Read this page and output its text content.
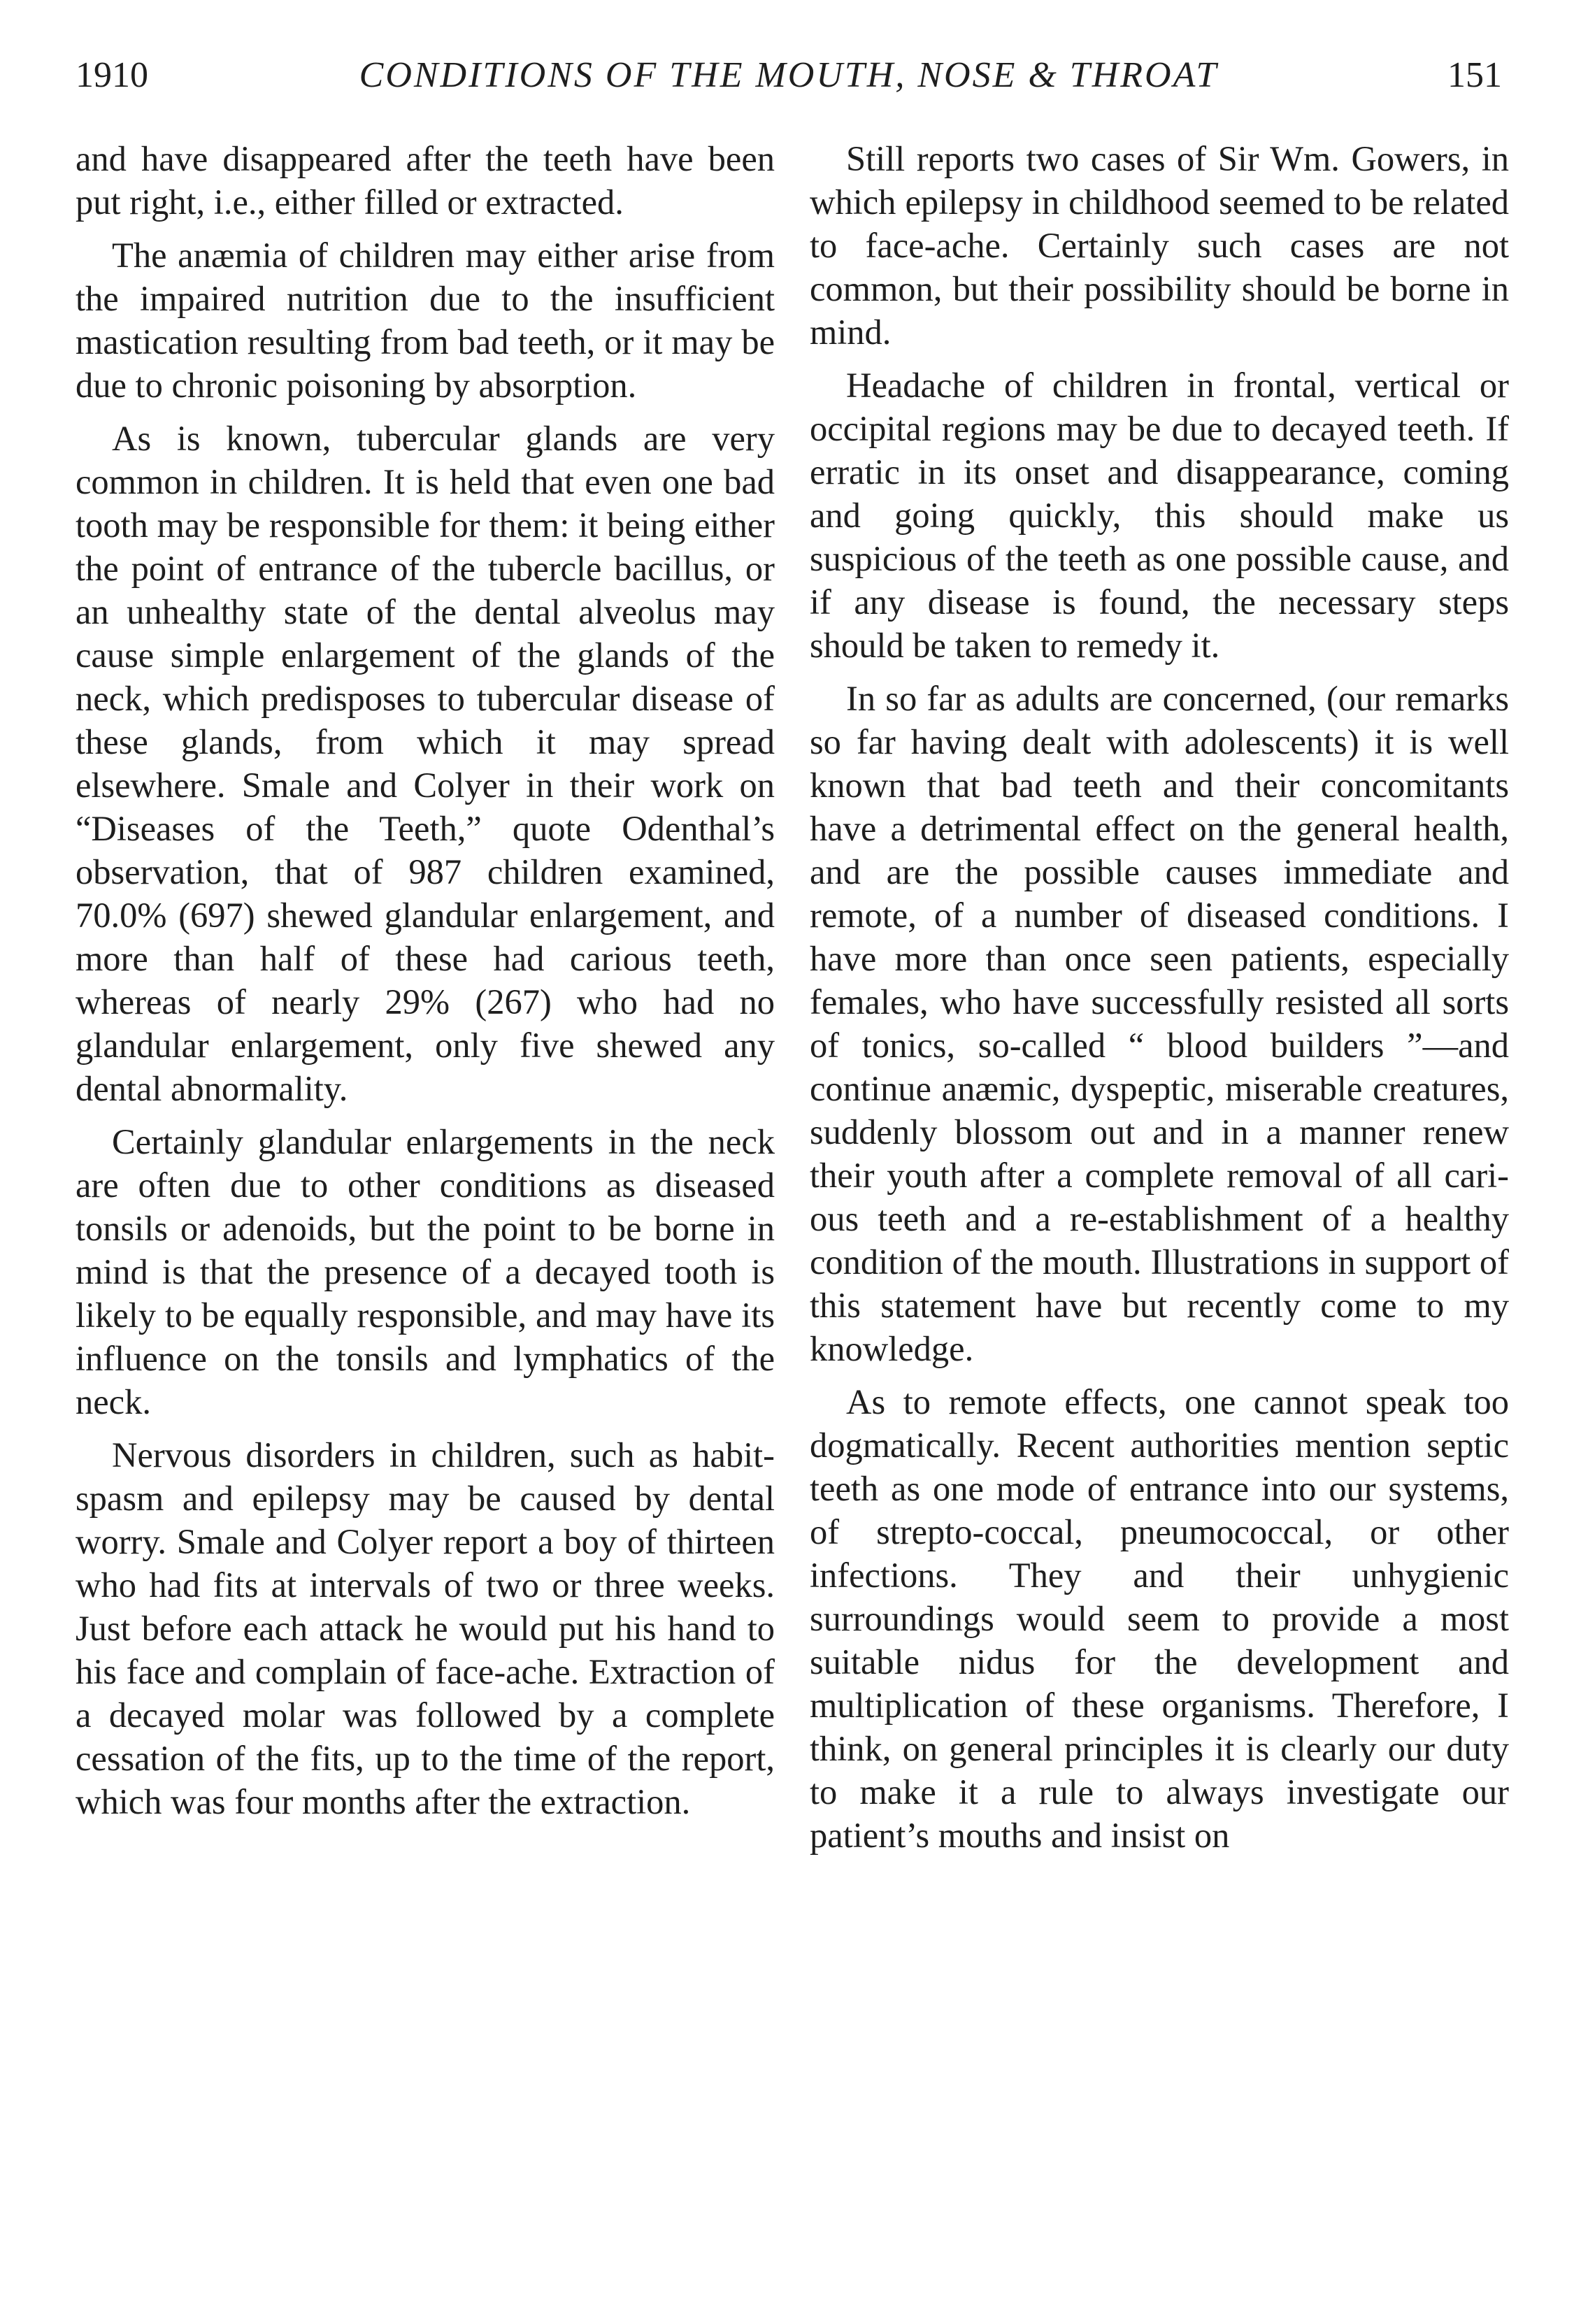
1910	CONDITIONS OF THE MOUTH, NOSE & THROAT	151

and have disappeared after the teeth have been put right, i.e., either filled or extracted.

The anæmia of children may either arise from the impaired nutrition due to the insufficient mastication resulting from bad teeth, or it may be due to chronic poisoning by absorption.

As is known, tubercular glands are very common in children. It is held that even one bad tooth may be responsible for them: it being either the point of entrance of the tubercle bacillus, or an unhealthy state of the dental alveolus may cause simple enlargement of the glands of the neck, which predisposes to tubercular disease of these glands, from which it may spread elsewhere. Smale and Colyer in their work on “Diseases of the Teeth,” quote Odenthal’s observation, that of 987 children examined, 70.0% (697) shewed glandular enlargement, and more than half of these had carious teeth, whereas of nearly 29% (267) who had no glandular enlargement, only five shewed any dental abnormality.

Certainly glandular enlargements in the neck are often due to other conditions as diseased tonsils or adenoids, but the point to be borne in mind is that the presence of a decayed tooth is likely to be equally responsible, and may have its influence on the tonsils and lymphatics of the neck.

Nervous disorders in children, such as habit-spasm and epilepsy may be caused by dental worry. Smale and Colyer report a boy of thirteen who had fits at intervals of two or three weeks. Just before each attack he would put his hand to his face and complain of face-ache. Extraction of a decayed molar was followed by a complete cessation of the fits, up to the time of the report, which was four months after the extraction.

Still reports two cases of Sir Wm. Gowers, in which epilepsy in childhood seemed to be related to face-ache. Certainly such cases are not common, but their possibility should be borne in mind.

Headache of children in frontal, vertical or occipital regions may be due to decayed teeth. If erratic in its onset and disappearance, coming and going quickly, this should make us suspicious of the teeth as one possible cause, and if any disease is found, the necessary steps should be taken to remedy it.

In so far as adults are concerned, (our remarks so far having dealt with adolescents) it is well known that bad teeth and their concomitants have a detrimental effect on the general health, and are the possible causes immediate and remote, of a number of diseased conditions. I have more than once seen patients, especially females, who have successfully resisted all sorts of tonics, so-called “ blood builders ”—and continue anæmic, dyspeptic, miserable creatures, suddenly blossom out and in a manner renew their youth after a complete removal of all carious teeth and a re-establishment of a healthy condition of the mouth. Illustrations in support of this statement have but recently come to my knowledge.

As to remote effects, one cannot speak too dogmatically. Recent authorities mention septic teeth as one mode of entrance into our systems, of strepto-coccal, pneumococcal, or other infections. They and their unhygienic surroundings would seem to provide a most suitable nidus for the development and multiplication of these organisms. Therefore, I think, on general principles it is clearly our duty to make it a rule to always investigate our patient’s mouths and insist on
